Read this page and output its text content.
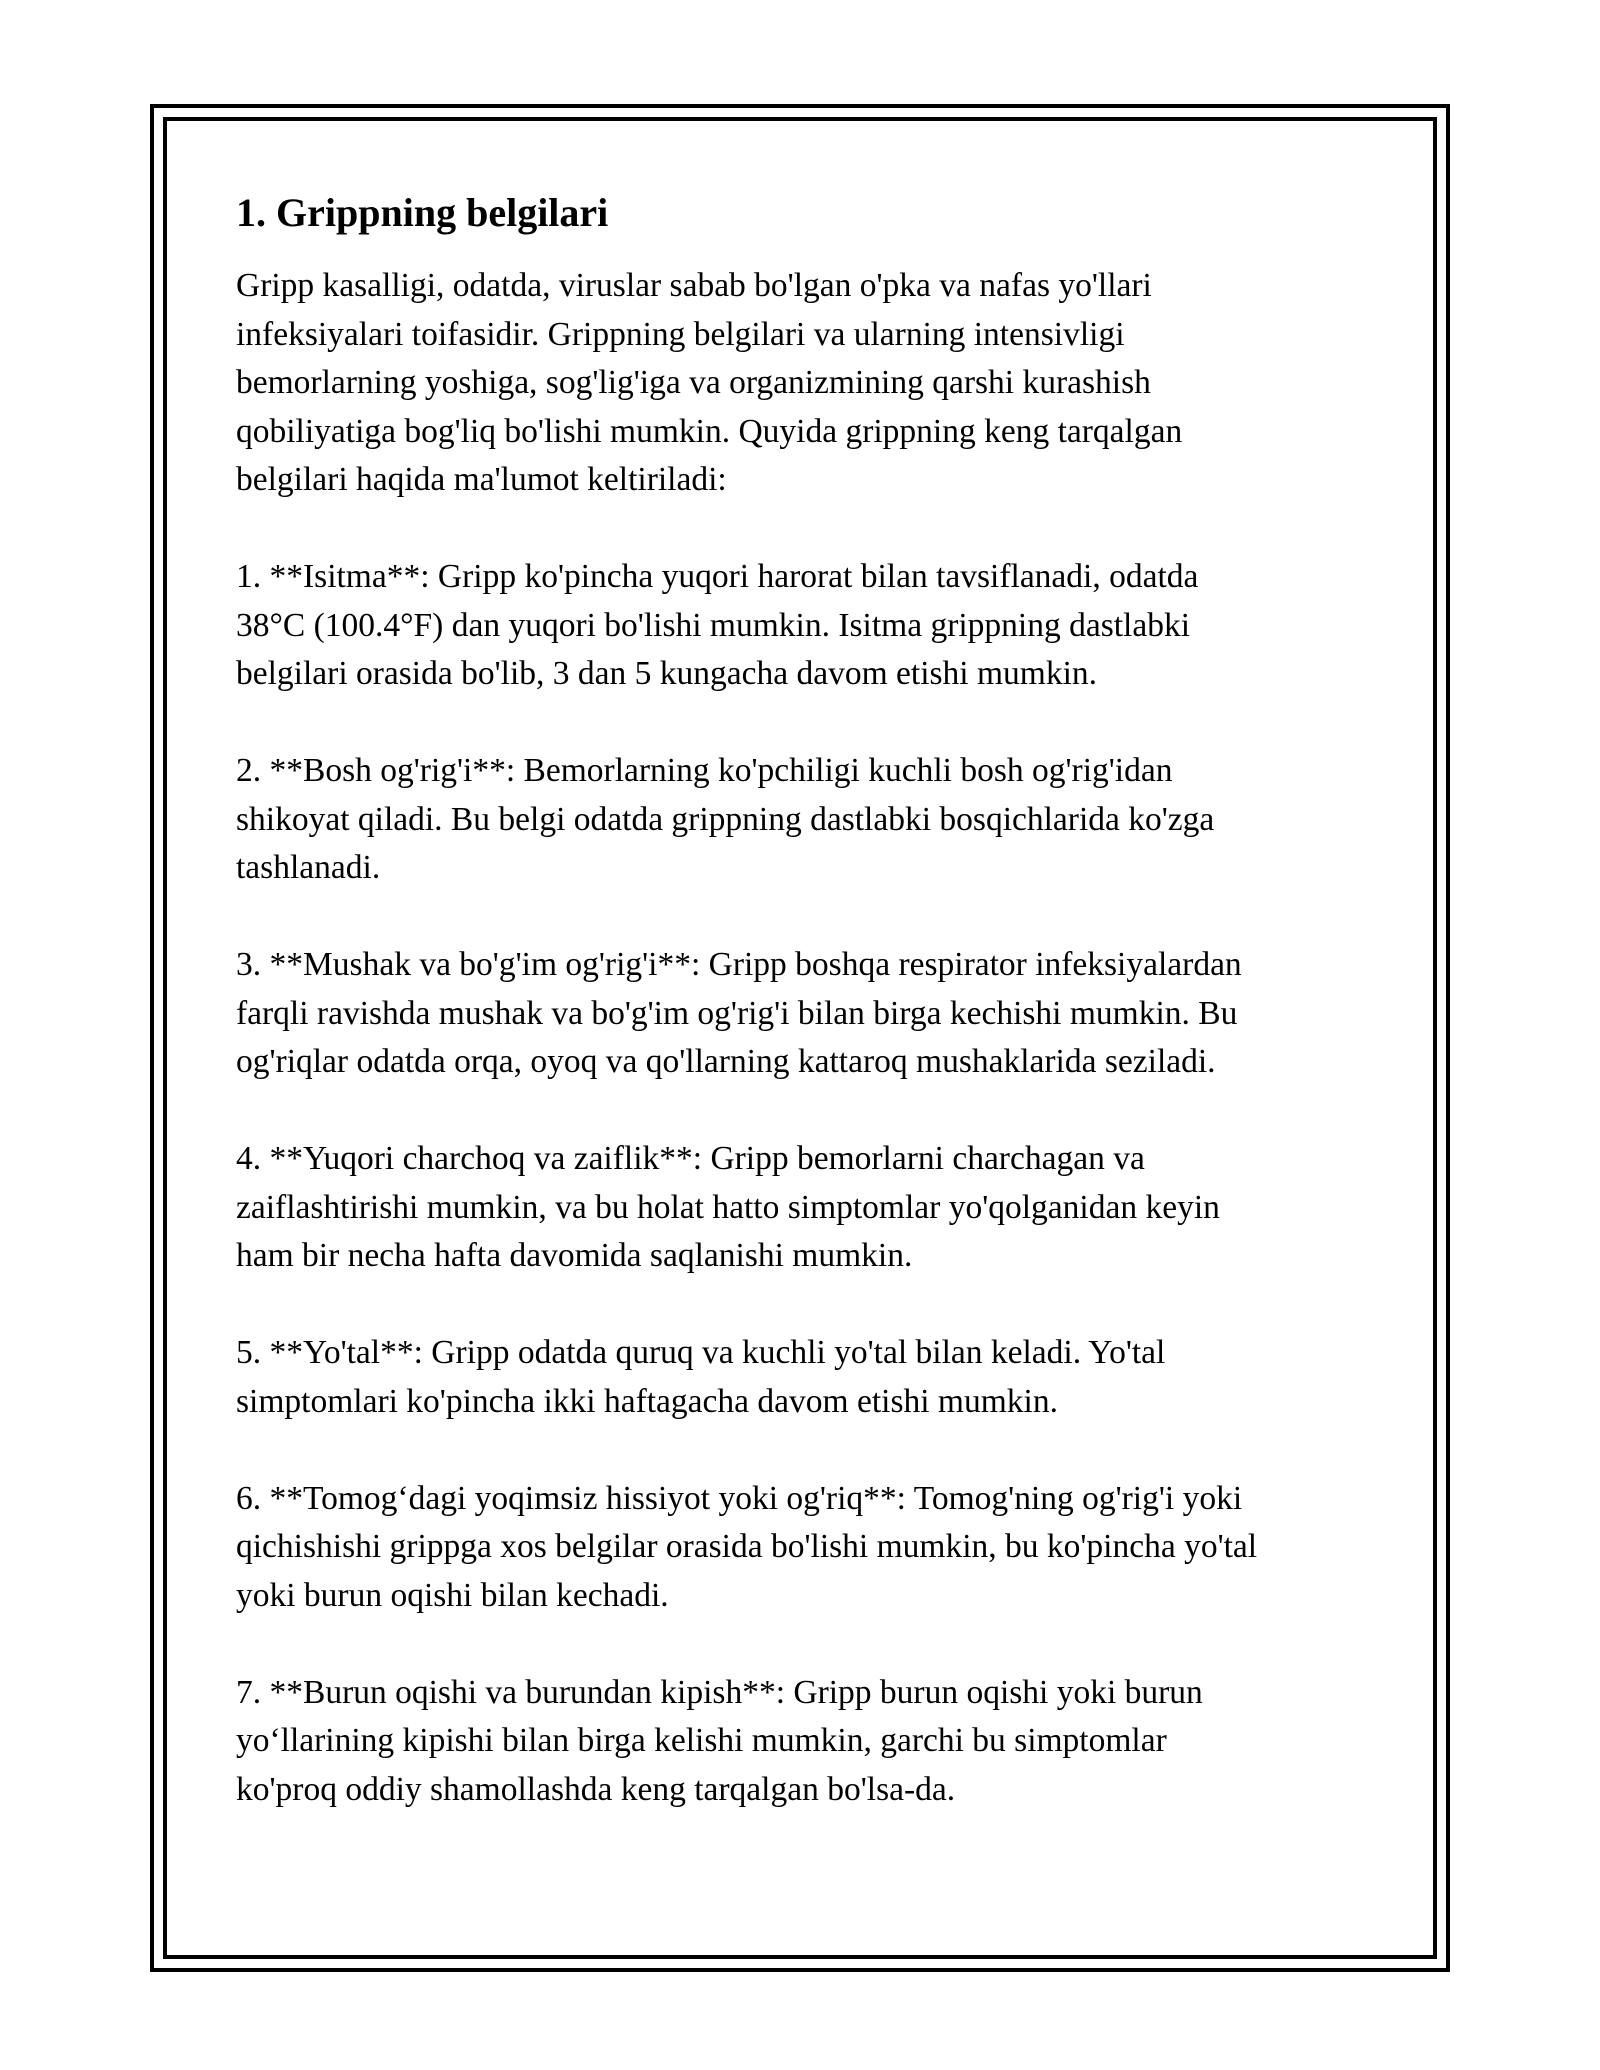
1. Grippning belgilari
Gripp kasalligi, odatda, viruslar sabab bo'lgan o'pka va nafas yo'llari
infeksiyalari toifasidir. Grippning belgilari va ularning intensivligi
bemorlarning yoshiga, sog'lig'iga va organizmining qarshi kurashish
qobiliyatiga bog'liq bo'lishi mumkin. Quyida grippning keng tarqalgan
belgilari haqida ma'lumot keltiriladi:
1. **Isitma**: Gripp ko'pincha yuqori harorat bilan tavsiflanadi, odatda
38°C (100.4°F) dan yuqori bo'lishi mumkin. Isitma grippning dastlabki
belgilari orasida bo'lib, 3 dan 5 kungacha davom etishi mumkin.
2. **Bosh og'rig'i**: Bemorlarning ko'pchiligi kuchli bosh og'rig'idan
shikoyat qiladi. Bu belgi odatda grippning dastlabki bosqichlarida ko'zga
tashlanadi.
3. **Mushak va bo'g'im og'rig'i**: Gripp boshqa respirator infeksiyalardan
farqli ravishda mushak va bo'g'im og'rig'i bilan birga kechishi mumkin. Bu
og'riqlar odatda orqa, oyoq va qo'llarning kattaroq mushaklarida seziladi.
4. **Yuqori charchoq va zaiflik**: Gripp bemorlarni charchagan va
zaiflashtirishi mumkin, va bu holat hatto simptomlar yo'qolganidan keyin
ham bir necha hafta davomida saqlanishi mumkin.
5. **Yo'tal**: Gripp odatda quruq va kuchli yo'tal bilan keladi. Yo'tal
simptomlari ko'pincha ikki haftagacha davom etishi mumkin.
6. **Tomog‘dagi yoqimsiz hissiyot yoki og'riq**: Tomog'ning og'rig'i yoki
qichishishi grippga xos belgilar orasida bo'lishi mumkin, bu ko'pincha yo'tal
yoki burun oqishi bilan kechadi.
7. **Burun oqishi va burundan kipish**: Gripp burun oqishi yoki burun
yo‘llarining kipishi bilan birga kelishi mumkin, garchi bu simptomlar
ko'proq oddiy shamollashda keng tarqalgan bo'lsa-da.
